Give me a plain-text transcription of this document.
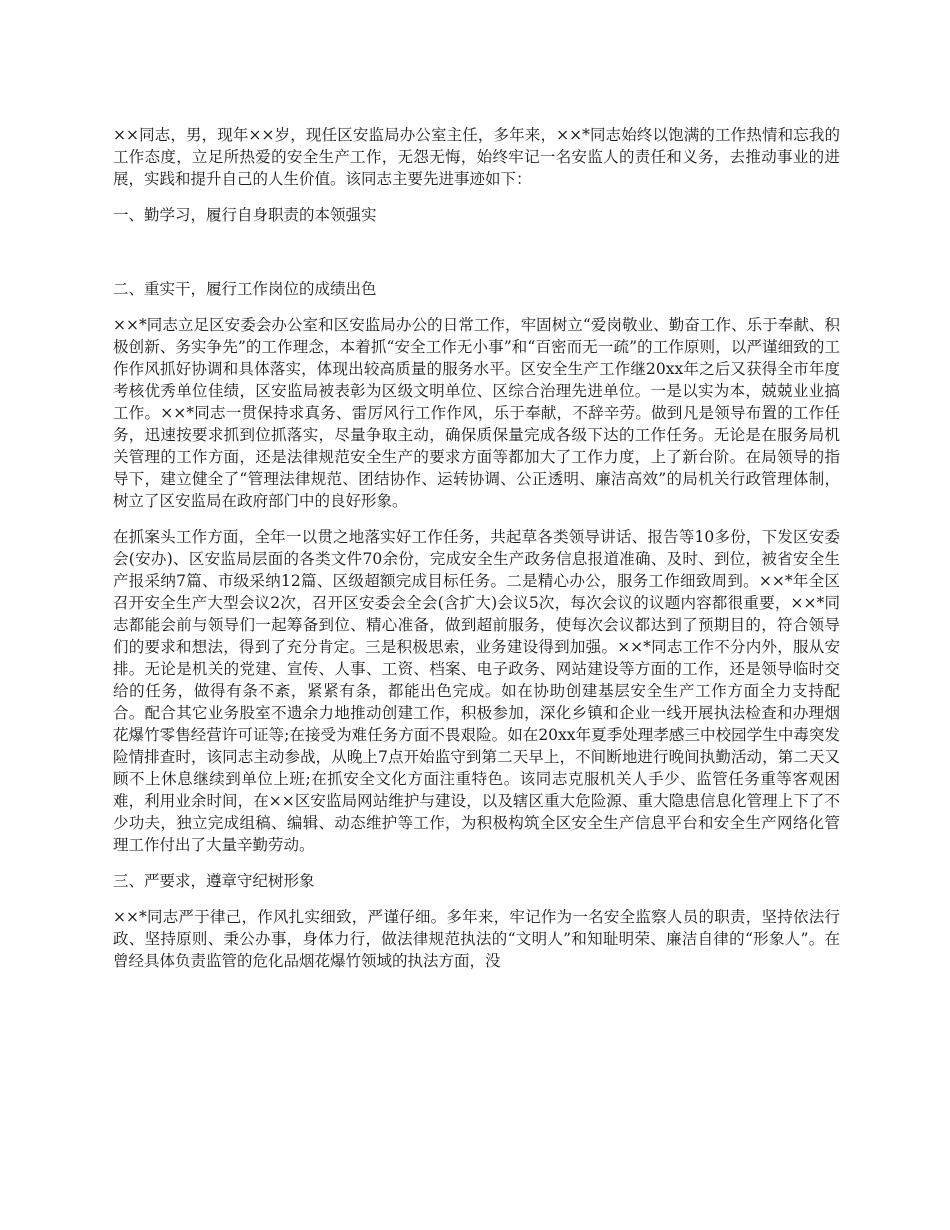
××同志，男，现年××岁，现任区安监局办公室主任，多年来，××*同志始终以饱满的工作热情和忘我的工作态度，立足所热爱的安全生产工作，无怨无悔，始终牢记一名安监人的责任和义务，去推动事业的进展，实践和提升自己的人生价值。该同志主要先进事迹如下：

一、勤学习，履行自身职责的本领强实

二、重实干，履行工作岗位的成绩出色

××*同志立足区安委会办公室和区安监局办公的日常工作，牢固树立“爱岗敬业、勤奋工作、乐于奉献、积极创新、务实争先”的工作理念，本着抓“安全工作无小事”和“百密而无一疏”的工作原则，以严谨细致的工作作风抓好协调和具体落实，体现出较高质量的服务水平。区安全生产工作继20xx年之后又获得全市年度考核优秀单位佳绩，区安监局被表彰为区级文明单位、区综合治理先进单位。一是以实为本，兢兢业业搞工作。××*同志一贯保持求真务、雷厉风行工作作风，乐于奉献，不辞辛劳。做到凡是领导布置的工作任务，迅速按要求抓到位抓落实，尽量争取主动，确保质保量完成各级下达的工作任务。无论是在服务局机关管理的工作方面，还是法律规范安全生产的要求方面等都加大了工作力度，上了新台阶。在局领导的指导下，建立健全了“管理法律规范、团结协作、运转协调、公正透明、廉洁高效”的局机关行政管理体制，树立了区安监局在政府部门中的良好形象。

在抓案头工作方面，全年一以贯之地落实好工作任务，共起草各类领导讲话、报告等10多份，下发区安委会(安办)、区安监局层面的各类文件70余份，完成安全生产政务信息报道准确、及时、到位，被省安全生产报采纳7篇、市级采纳12篇、区级超额完成目标任务。二是精心办公，服务工作细致周到。××*年全区召开安全生产大型会议2次，召开区安委会全会(含扩大)会议5次，每次会议的议题内容都很重要，××*同志都能会前与领导们一起筹备到位、精心准备，做到超前服务，使每次会议都达到了预期目的，符合领导们的要求和想法，得到了充分肯定。三是积极思索，业务建设得到加强。××*同志工作不分内外，服从安排。无论是机关的党建、宣传、人事、工资、档案、电子政务、网站建设等方面的工作，还是领导临时交给的任务，做得有条不紊，紧紧有条，都能出色完成。如在协助创建基层安全生产工作方面全力支持配合。配合其它业务股室不遗余力地推动创建工作，积极参加，深化乡镇和企业一线开展执法检查和办理烟花爆竹零售经营许可证等;在接受为难任务方面不畏艰险。如在20xx年夏季处理孝感三中校园学生中毒突发险情排查时，该同志主动参战，从晚上7点开始监守到第二天早上，不间断地进行晚间执勤活动，第二天又顾不上休息继续到单位上班;在抓安全文化方面注重特色。该同志克服机关人手少、监管任务重等客观困难，利用业余时间，在××区安监局网站维护与建设，以及辖区重大危险源、重大隐患信息化管理上下了不少功夫，独立完成组稿、编辑、动态维护等工作，为积极构筑全区安全生产信息平台和安全生产网络化管理工作付出了大量辛勤劳动。

三、严要求，遵章守纪树形象

××*同志严于律己，作风扎实细致，严谨仔细。多年来，牢记作为一名安全监察人员的职责，坚持依法行政、坚持原则、秉公办事，身体力行，做法律规范执法的“文明人”和知耻明荣、廉洁自律的“形象人”。在曾经具体负责监管的危化品烟花爆竹领域的执法方面，没
